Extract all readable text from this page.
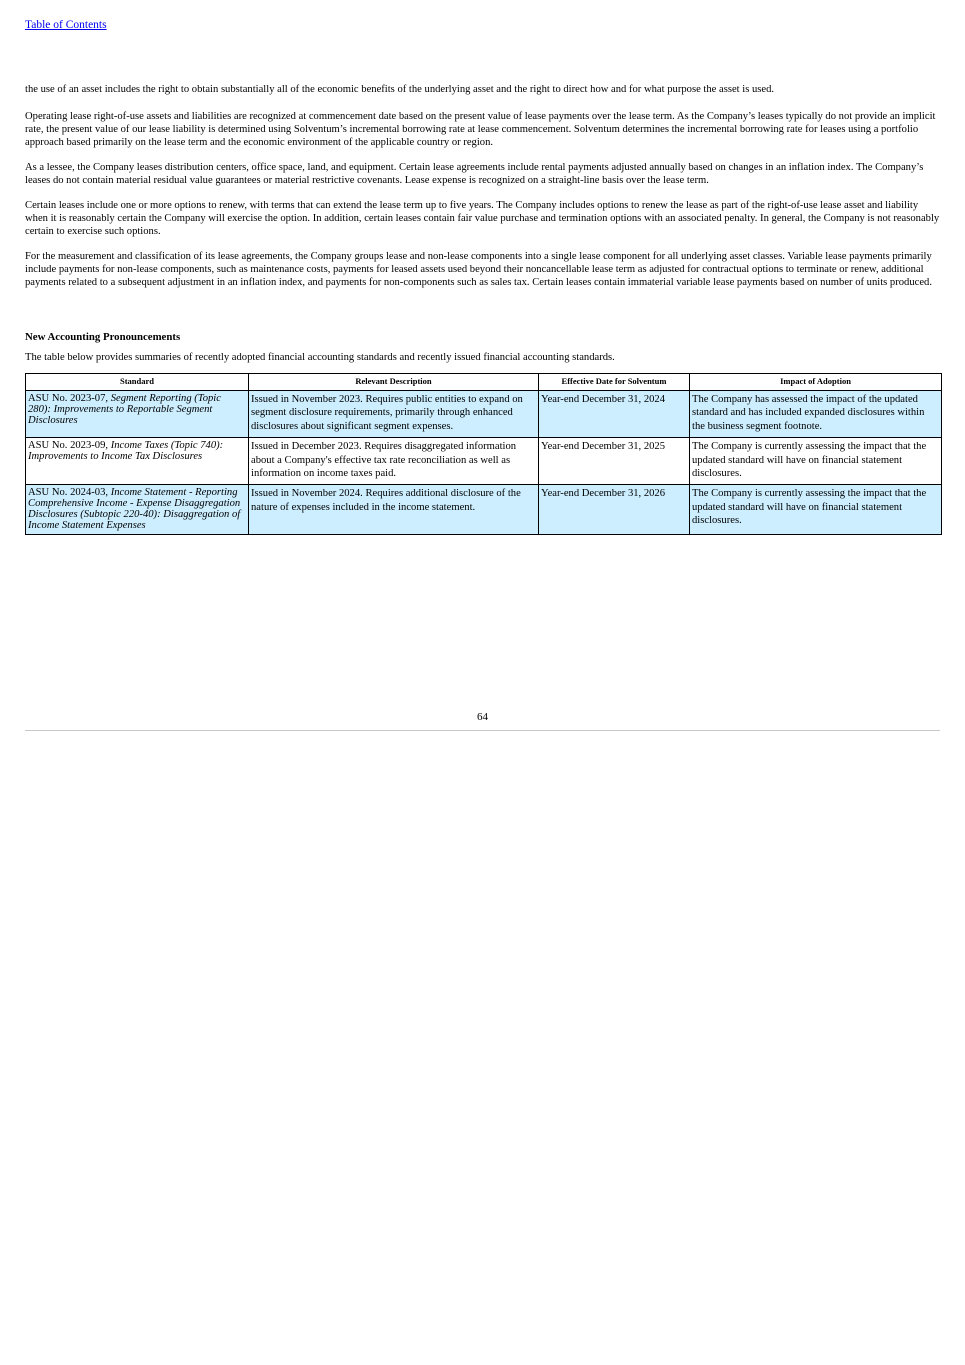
Table of Contents

the use of an asset includes the right to obtain substantially all of the economic benefits of the underlying asset and the right to direct how and for what purpose the asset is used.

Operating lease right-of-use assets and liabilities are recognized at commencement date based on the present value of lease payments over the lease term. As the Company’s leases typically do not provide an implicit rate, the present value of our lease liability is determined using Solventum’s incremental borrowing rate at lease commencement. Solventum determines the incremental borrowing rate for leases using a portfolio approach based primarily on the lease term and the economic environment of the applicable country or region.

As a lessee, the Company leases distribution centers, office space, land, and equipment. Certain lease agreements include rental payments adjusted annually based on changes in an inflation index. The Company’s leases do not contain material residual value guarantees or material restrictive covenants. Lease expense is recognized on a straight-line basis over the lease term.

Certain leases include one or more options to renew, with terms that can extend the lease term up to five years. The Company includes options to renew the lease as part of the right-of-use lease asset and liability when it is reasonably certain the Company will exercise the option. In addition, certain leases contain fair value purchase and termination options with an associated penalty. In general, the Company is not reasonably certain to exercise such options.

For the measurement and classification of its lease agreements, the Company groups lease and non-lease components into a single lease component for all underlying asset classes. Variable lease payments primarily include payments for non-lease components, such as maintenance costs, payments for leased assets used beyond their noncancellable lease term as adjusted for contractual options to terminate or renew, additional payments related to a subsequent adjustment in an inflation index, and payments for non-components such as sales tax. Certain leases contain immaterial variable lease payments based on number of units produced.

New Accounting Pronouncements

The table below provides summaries of recently adopted financial accounting standards and recently issued financial accounting standards.

Standard	Relevant Description	Effective Date for Solventum	Impact of Adoption
ASU No. 2023-07, Segment Reporting (Topic 280): Improvements to Reportable Segment Disclosures	Issued in November 2023. Requires public entities to expand on segment disclosure requirements, primarily through enhanced disclosures about significant segment expenses.	Year-end December 31, 2024	The Company has assessed the impact of the updated standard and has included expanded disclosures within the business segment footnote.
ASU No. 2023-09, Income Taxes (Topic 740): Improvements to Income Tax Disclosures	Issued in December 2023. Requires disaggregated information about a Company's effective tax rate reconciliation as well as information on income taxes paid.	Year-end December 31, 2025	The Company is currently assessing the impact that the updated standard will have on financial statement disclosures.
ASU No. 2024-03, Income Statement - Reporting Comprehensive Income - Expense Disaggregation Disclosures (Subtopic 220-40): Disaggregation of Income Statement Expenses	Issued in November 2024. Requires additional disclosure of the nature of expenses included in the income statement.	Year-end December 31, 2026	The Company is currently assessing the impact that the updated standard will have on financial statement disclosures.
64
